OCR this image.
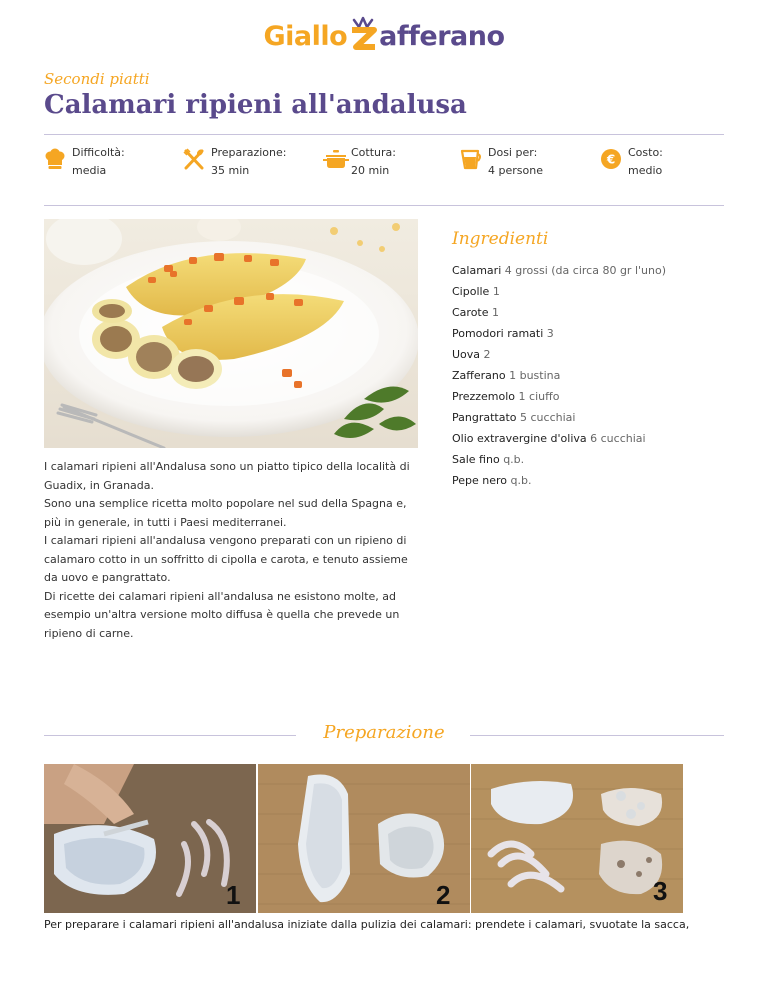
Giallo afferano
Secondi piatti
Calamari ripieni all'andalusa
Difficoltà:
media
Preparazione:
35 min
Cottura:
20 min
Dosi per:
4 persone
€ Costo:
medio

I calamari ripieni all'Andalusa sono un piatto tipico della località di Guadix, in Granada.

Sono una semplice ricetta molto popolare nel sud della Spagna e, più in generale, in tutti i Paesi mediterranei.

I calamari ripieni all'andalusa vengono preparati con un ripieno di calamaro cotto in un soffritto di cipolla e carota, e tenuto assieme da uovo e pangrattato.

Di ricette dei calamari ripieni all'andalusa ne esistono molte, ad esempio un'altra versione molto diffusa è quella che prevede un ripieno di carne.

Ingredienti
Calamari 4 grossi (da circa 80 gr l'uno)
Cipolle 1
Carote 1
Pomodori ramati 3
Uova 2
Zafferano 1 bustina
Prezzemolo 1 ciuffo
Pangrattato 5 cucchiai
Olio extravergine d'oliva 6 cucchiai
Sale fino q.b.
Pepe nero q.b.
Preparazione
1	2	3
Per preparare i calamari ripieni all'andalusa iniziate dalla pulizia dei calamari: prendete i calamari, svuotate la sacca,
